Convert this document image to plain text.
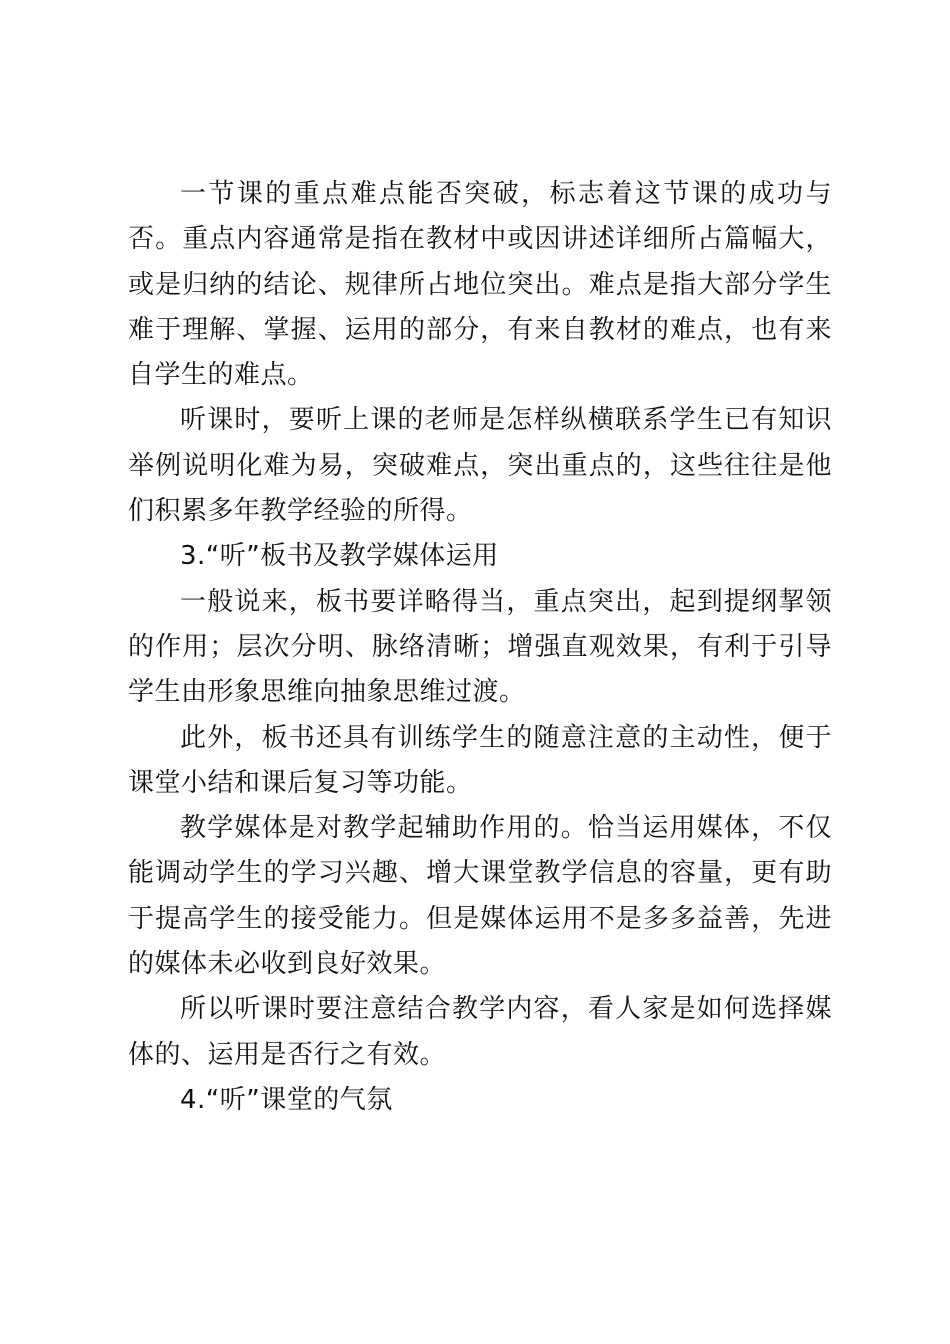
一节课的重点难点能否突破，标志着这节课的成功与否。重点内容通常是指在教材中或因讲述详细所占篇幅大，或是归纳的结论、规律所占地位突出。难点是指大部分学生难于理解、掌握、运用的部分，有来自教材的难点，也有来自学生的难点。

听课时，要听上课的老师是怎样纵横联系学生已有知识举例说明化难为易，突破难点，突出重点的，这些往往是他们积累多年教学经验的所得。

3.“听”板书及教学媒体运用

一般说来，板书要详略得当，重点突出，起到提纲挈领的作用；层次分明、脉络清晰；增强直观效果，有利于引导学生由形象思维向抽象思维过渡。

此外，板书还具有训练学生的随意注意的主动性，便于课堂小结和课后复习等功能。

教学媒体是对教学起辅助作用的。恰当运用媒体，不仅能调动学生的学习兴趣、增大课堂教学信息的容量，更有助于提高学生的接受能力。但是媒体运用不是多多益善，先进的媒体未必收到良好效果。

所以听课时要注意结合教学内容，看人家是如何选择媒体的、运用是否行之有效。

4.“听”课堂的气氛
